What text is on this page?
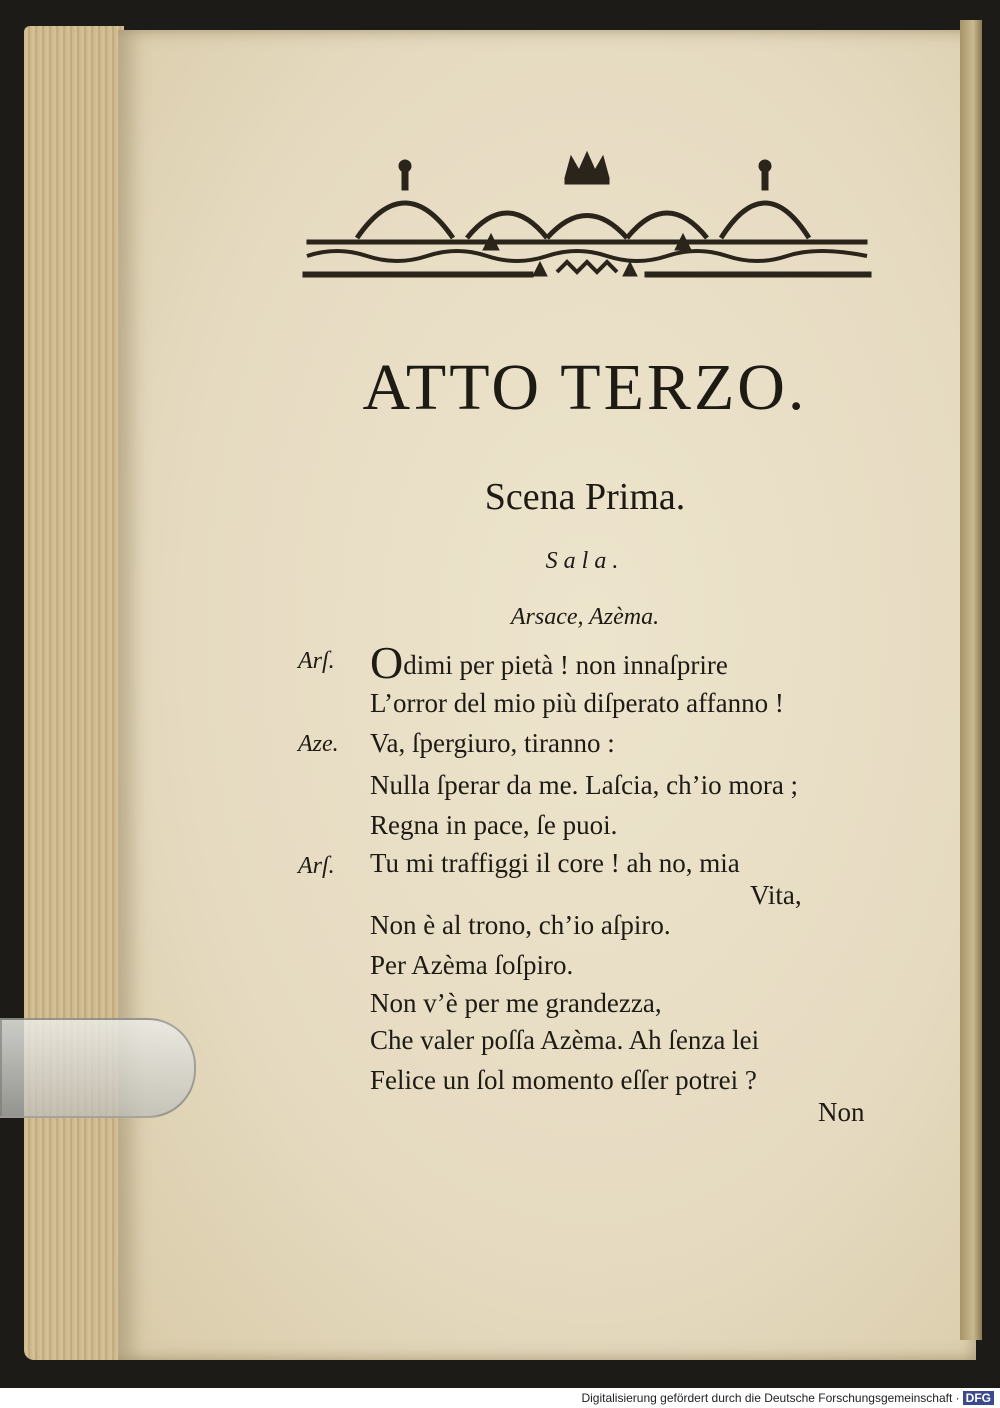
ATTO TERZO.
Scena Prima.
Sala.
Arsace, Azèma.
Arſ. Odimi per pietà ! non innaſprire
L’orror del mio più diſperato affanno !
Aze. Va, ſpergiuro, tiranno :
Nulla ſperar da me. Laſcia, ch’io mora ;
Regna in pace, ſe puoi.
Arſ. Tu mi traffiggi il core ! ah no, mia
Vita,
Non è al trono, ch’io aſpiro.
Per Azèma ſoſpiro.
Non v’è per me grandezza,
Che valer poſſa Azèma. Ah ſenza lei
Felice un ſol momento eſſer potrei ?
Non
Digitalisierung gefördert durch die Deutsche Forschungsgemeinschaft · DFG
